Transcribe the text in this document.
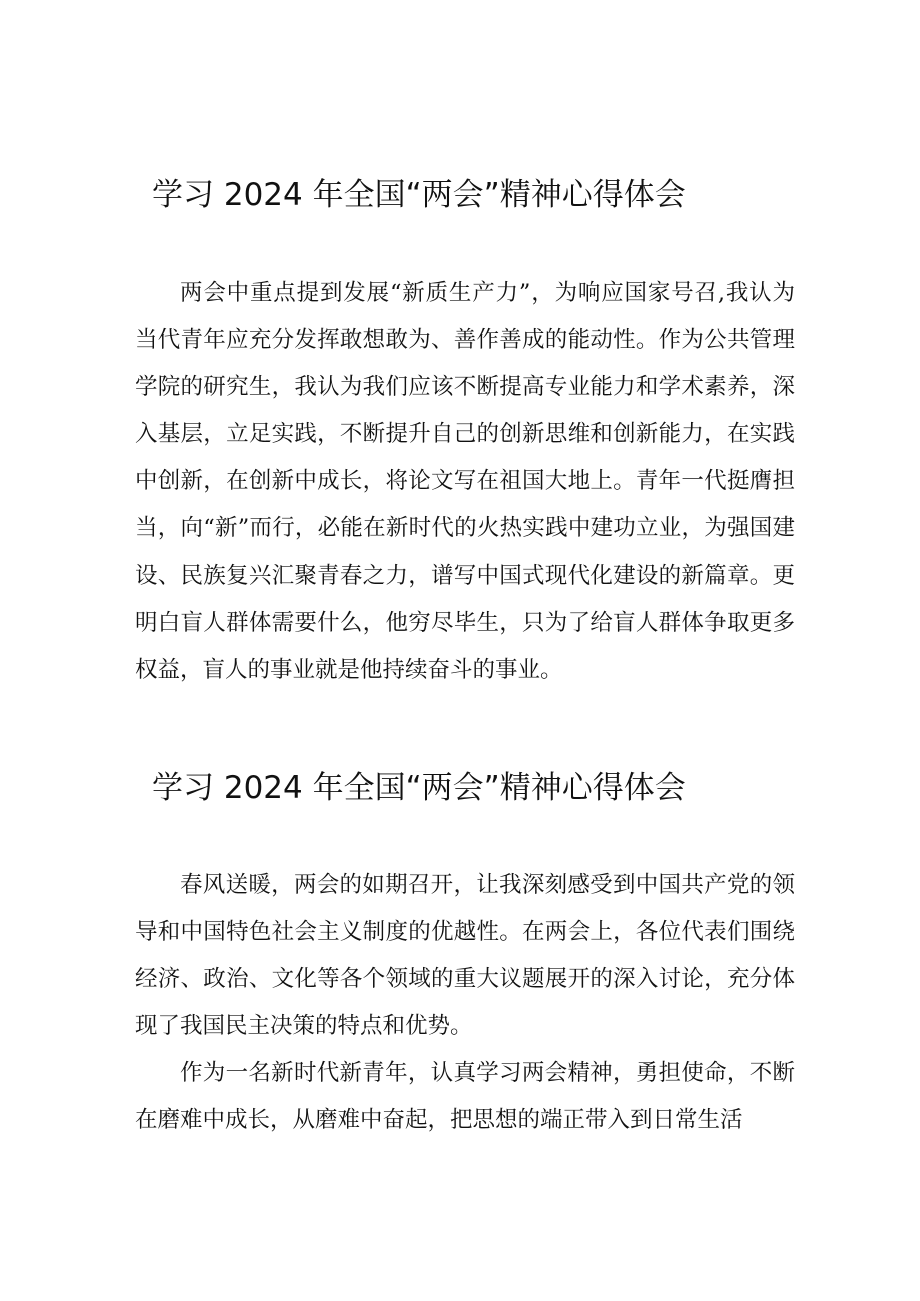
学习 2024 年全国“两会”精神心得体会

两会中重点提到发展“新质生产力”，为响应国家号召,我认为当代青年应充分发挥敢想敢为、善作善成的能动性。作为公共管理学院的研究生，我认为我们应该不断提高专业能力和学术素养，深入基层，立足实践，不断提升自己的创新思维和创新能力，在实践中创新，在创新中成长，将论文写在祖国大地上。青年一代挺膺担当，向“新”而行，必能在新时代的火热实践中建功立业，为强国建设、民族复兴汇聚青春之力，谱写中国式现代化建设的新篇章。更明白盲人群体需要什么，他穷尽毕生，只为了给盲人群体争取更多权益，盲人的事业就是他持续奋斗的事业。

学习 2024 年全国“两会”精神心得体会

春风送暖，两会的如期召开，让我深刻感受到中国共产党的领导和中国特色社会主义制度的优越性。在两会上，各位代表们围绕经济、政治、文化等各个领域的重大议题展开的深入讨论，充分体现了我国民主决策的特点和优势。

作为一名新时代新青年，认真学习两会精神，勇担使命，不断在磨难中成长，从磨难中奋起，把思想的端正带入到日常生活
